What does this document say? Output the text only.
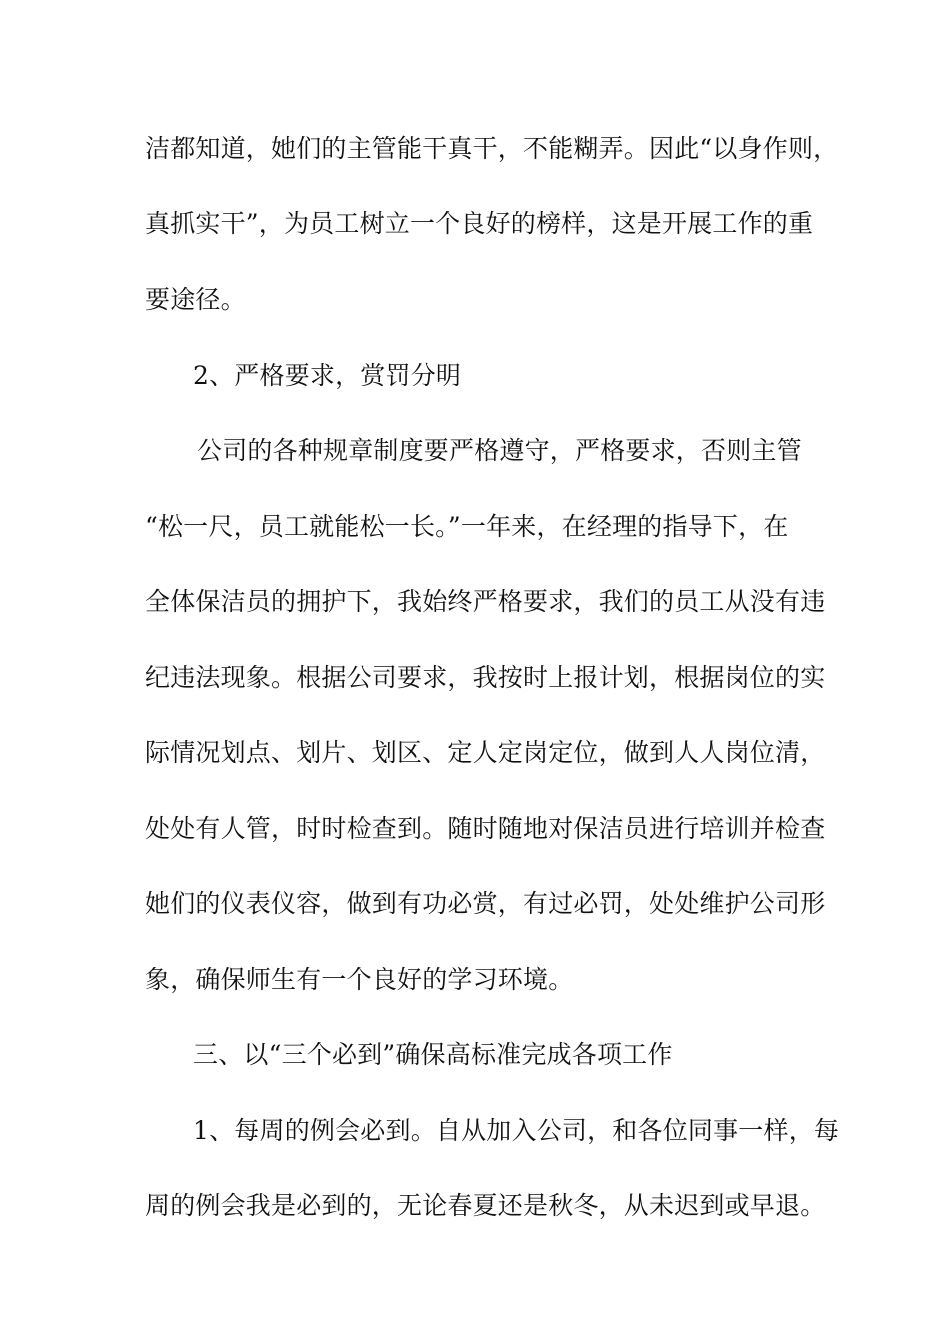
洁都知道，她们的主管能干真干，不能糊弄。因此“以身作则，
真抓实干”，为员工树立一个良好的榜样，这是开展工作的重
要途径。
2、严格要求，赏罚分明
公司的各种规章制度要严格遵守，严格要求，否则主管
“松一尺，员工就能松一长。”一年来，在经理的指导下，在
全体保洁员的拥护下，我始终严格要求，我们的员工从没有违
纪违法现象。根据公司要求，我按时上报计划，根据岗位的实
际情况划点、划片、划区、定人定岗定位，做到人人岗位清，
处处有人管，时时检查到。随时随地对保洁员进行培训并检查
她们的仪表仪容，做到有功必赏，有过必罚，处处维护公司形
象，确保师生有一个良好的学习环境。
三、以“三个必到”确保高标准完成各项工作
1、每周的例会必到。自从加入公司，和各位同事一样，每
周的例会我是必到的，无论春夏还是秋冬，从未迟到或早退。
